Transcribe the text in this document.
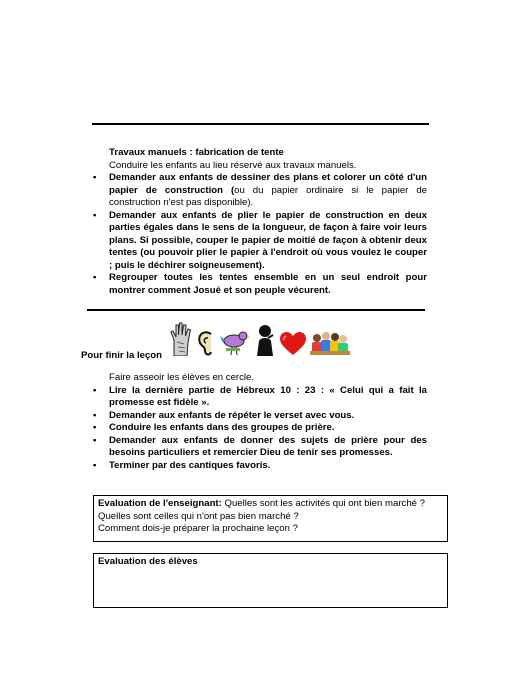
Travaux manuels : fabrication de tente
Conduire les enfants au lieu réservé aux travaux manuels.
• Demander aux enfants de dessiner des plans et colorer un côté d'un papier de construction (ou du papier ordinaire si le papier de construction n'est pas disponible).
• Demander aux enfants de plier le papier de construction en deux parties égales dans le sens de la longueur, de façon à faire voir leurs plans. Si possible, couper le papier de moitié de façon à obtenir deux tentes (ou pouvoir plier le papier à l'endroit où vous voulez le couper ; puis le déchirer soigneusement).
• Regrouper toutes les tentes ensemble en un seul endroit pour montrer comment Josué et son peuple vécurent.
Pour finir la leçon
Faire asseoir les élèves en cercle.
• Lire la dernière partie de Hébreux 10 : 23 : « Celui qui a fait la promesse est fidèle ».
• Demander aux enfants de répéter le verset avec vous.
• Conduire les enfants dans des groupes de prière.
• Demander aux enfants de donner des sujets de prière pour des besoins particuliers et remercier Dieu de tenir ses promesses.
• Terminer par des cantiques favoris.
Evaluation de l'enseignant: Quelles sont les activités qui ont bien marché ?
Quelles sont celles qui n'ont pas bien marché ?
Comment dois-je préparer la prochaine leçon ?
Evaluation des élèves
